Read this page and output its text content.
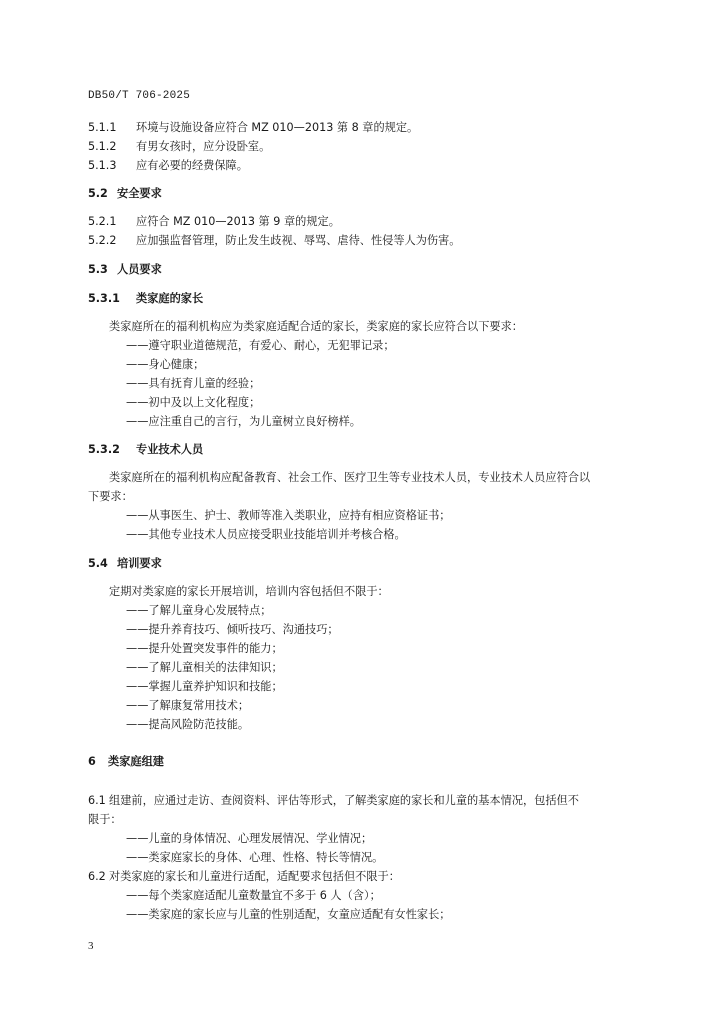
DB50/T 706-2025
5.1.1 环境与设施设备应符合 MZ 010—2013 第 8 章的规定。
5.1.2 有男女孩时，应分设卧室。
5.1.3 应有必要的经费保障。
5.2 安全要求
5.2.1 应符合 MZ 010—2013 第 9 章的规定。
5.2.2 应加强监督管理，防止发生歧视、辱骂、虐待、性侵等人为伤害。
5.3 人员要求
5.3.1 类家庭的家长
类家庭所在的福利机构应为类家庭适配合适的家长，类家庭的家长应符合以下要求：
——遵守职业道德规范，有爱心、耐心，无犯罪记录；
——身心健康；
——具有抚育儿童的经验；
——初中及以上文化程度；
——应注重自己的言行，为儿童树立良好榜样。
5.3.2 专业技术人员
类家庭所在的福利机构应配备教育、社会工作、医疗卫生等专业技术人员，专业技术人员应符合以
下要求：
——从事医生、护士、教师等准入类职业，应持有相应资格证书；
——其他专业技术人员应接受职业技能培训并考核合格。
5.4 培训要求
定期对类家庭的家长开展培训，培训内容包括但不限于：
——了解儿童身心发展特点；
——提升养育技巧、倾听技巧、沟通技巧；
——提升处置突发事件的能力；
——了解儿童相关的法律知识；
——掌握儿童养护知识和技能；
——了解康复常用技术；
——提高风险防范技能。
6 类家庭组建
6.1 组建前，应通过走访、查阅资料、评估等形式，了解类家庭的家长和儿童的基本情况，包括但不
限于：
——儿童的身体情况、心理发展情况、学业情况；
——类家庭家长的身体、心理、性格、特长等情况。
6.2 对类家庭的家长和儿童进行适配，适配要求包括但不限于：
——每个类家庭适配儿童数量宜不多于 6 人（含）；
——类家庭的家长应与儿童的性别适配，女童应适配有女性家长；
3
